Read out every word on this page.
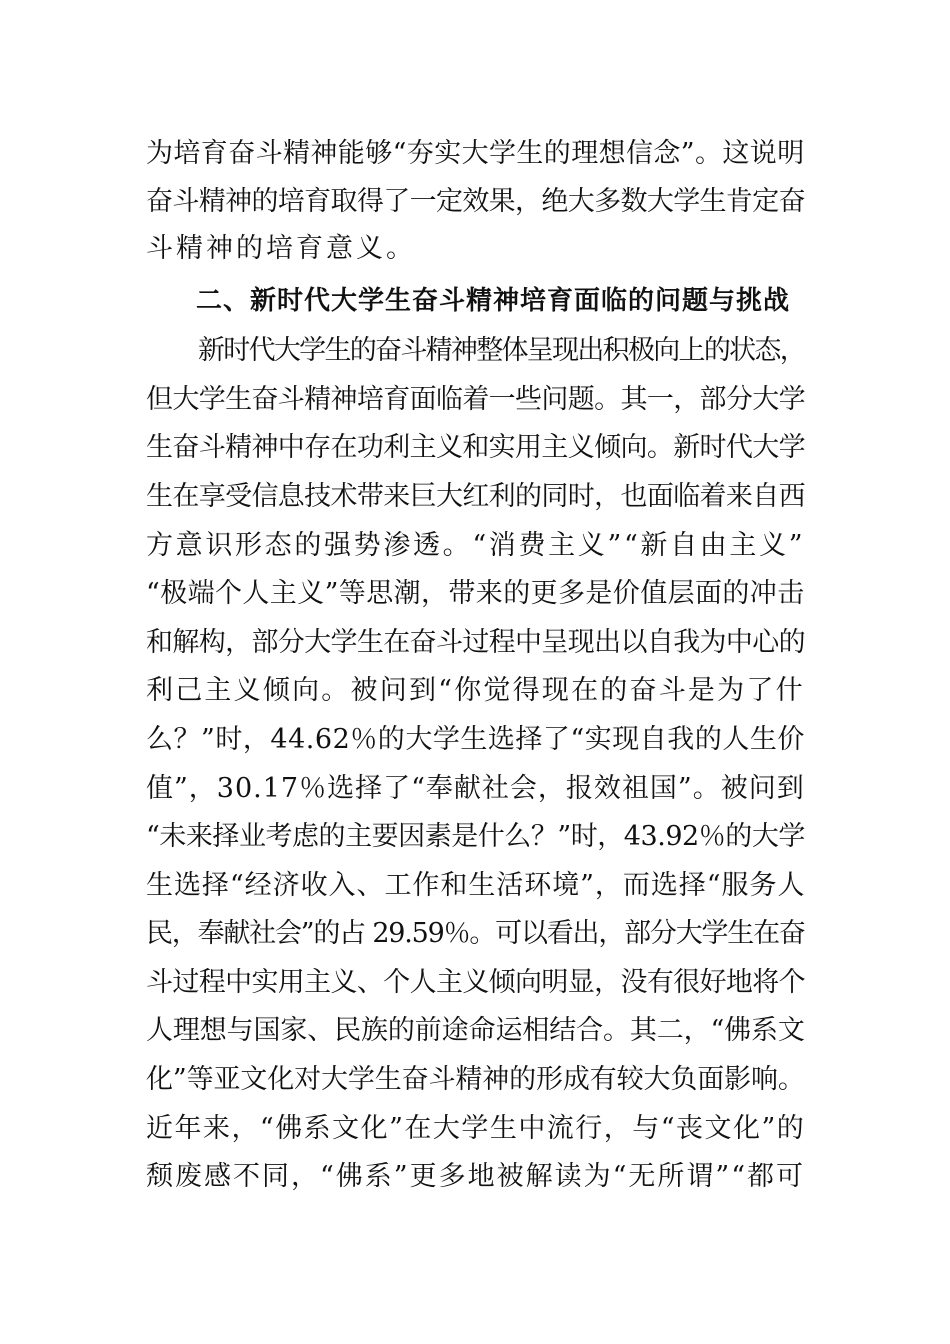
为培育奋斗精神能够“夯实大学生的理想信念”。这说明
奋斗精神的培育取得了一定效果，绝大多数大学生肯定奋
斗精神的培育意义。
二、新时代大学生奋斗精神培育面临的问题与挑战
新时代大学生的奋斗精神整体呈现出积极向上的状态，
但大学生奋斗精神培育面临着一些问题。其一，部分大学
生奋斗精神中存在功利主义和实用主义倾向。新时代大学
生在享受信息技术带来巨大红利的同时，也面临着来自西
方意识形态的强势渗透。“消费主义”“新自由主义”
“极端个人主义”等思潮，带来的更多是价值层面的冲击
和解构，部分大学生在奋斗过程中呈现出以自我为中心的
利己主义倾向。被问到“你觉得现在的奋斗是为了什
么？”时，44.62％的大学生选择了“实现自我的人生价
值”，30.17％选择了“奉献社会，报效祖国”。被问到
“未来择业考虑的主要因素是什么？”时，43.92％的大学
生选择“经济收入、工作和生活环境”，而选择“服务人
民，奉献社会”的占 29.59％。可以看出，部分大学生在奋
斗过程中实用主义、个人主义倾向明显，没有很好地将个
人理想与国家、民族的前途命运相结合。其二，“佛系文
化”等亚文化对大学生奋斗精神的形成有较大负面影响。
近年来，“佛系文化”在大学生中流行，与“丧文化”的
颓废感不同，“佛系”更多地被解读为“无所谓”“都可
